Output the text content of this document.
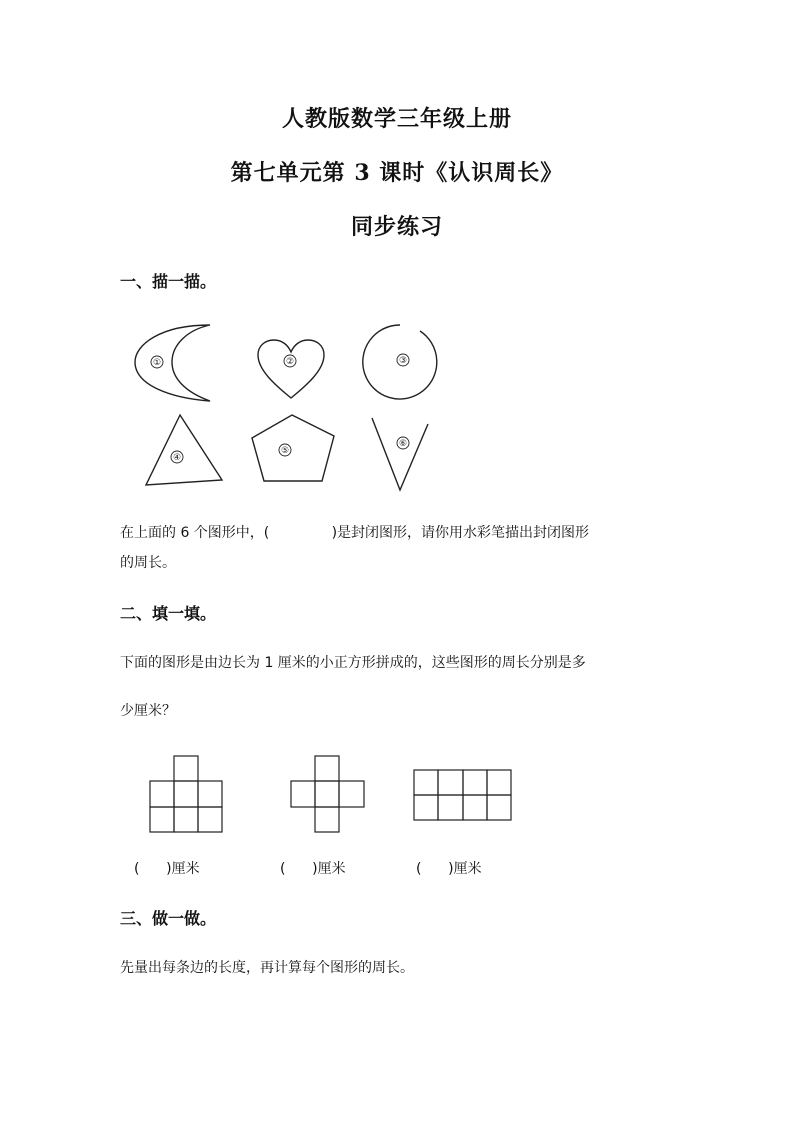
人教版数学三年级上册
第七单元第 3 课时《认识周长》
同步练习
一、描一描。
①	②	③
④
⑤
⑥
在上面的 6 个图形中，(              )是封闭图形，请你用水彩笔描出封闭图形
的周长。
二、填一填。
下面的图形是由边长为 1 厘米的小正方形拼成的，这些图形的周长分别是多
少厘米？
(      )厘米	(      )厘米	(      )厘米
三、做一做。
先量出每条边的长度，再计算每个图形的周长。
